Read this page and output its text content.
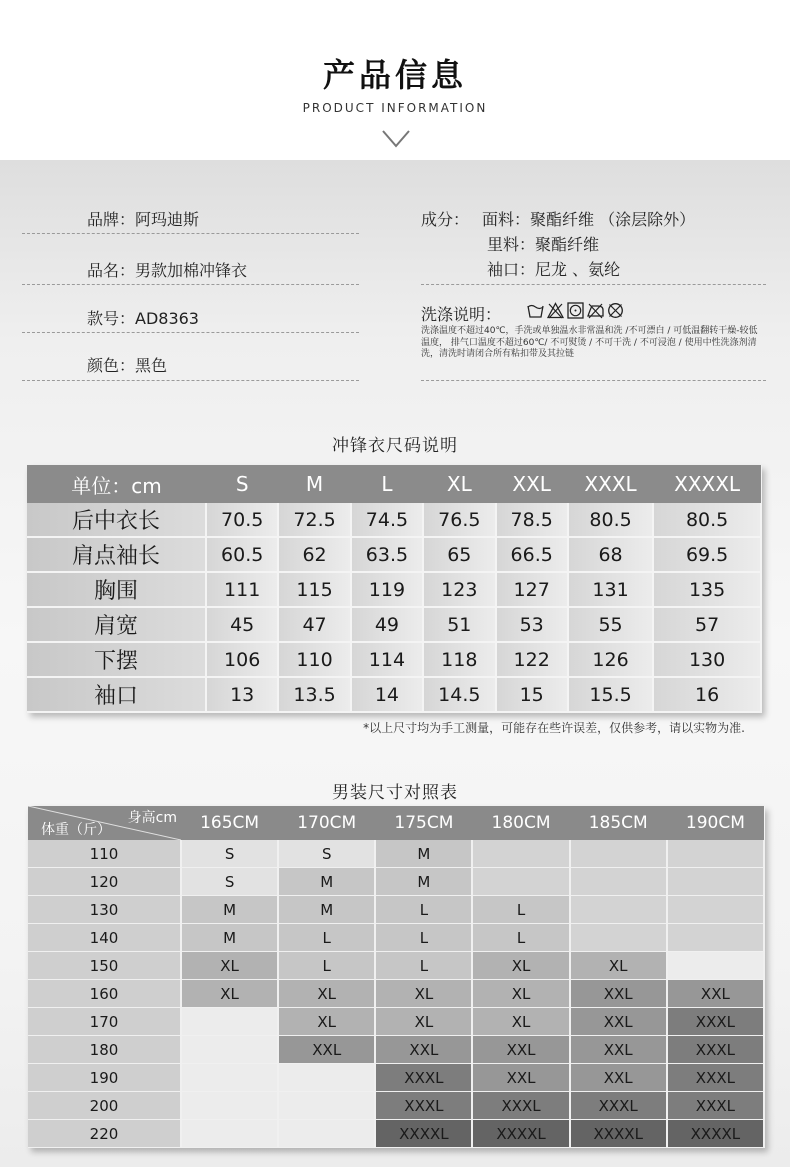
产品信息
PRODUCT INFORMATION
品牌：阿玛迪斯
品名：男款加棉冲锋衣
款号：AD8363
颜色：黑色
成分： 面料：聚酯纤维 （涂层除外）
里料：聚酯纤维
袖口：尼龙 、氨纶
洗涤说明：
洗涤温度不超过40℃，手洗或单独温水非常温和洗 /不可漂白 / 可低温翻转干燥-较低温度， 排气口温度不超过60℃/ 不可熨烫 / 不可干洗 / 不可浸泡 / 使用中性洗涤剂清洗，清洗时请闭合所有粘扣带及其拉链
冲锋衣尺码说明
单位：cm	S	M	L	XL	XXL	XXXL	XXXXL
后中衣长	70.5	72.5	74.5	76.5	78.5	80.5	80.5
肩点袖长	60.5	62	63.5	65	66.5	68	69.5
胸围	111	115	119	123	127	131	135
肩宽	45	47	49	51	53	55	57
下摆	106	110	114	118	122	126	130
袖口	13	13.5	14	14.5	15	15.5	16
*以上尺寸均为手工测量，可能存在些许误差，仅供参考，请以实物为准.
男装尺寸对照表
身高cm
体重（斤）	165CM	170CM	175CM	180CM	185CM	190CM
110	S	S	M			
120	S	M	M			
130	M	M	L	L		
140	M	L	L	L		
150	XL	L	L	XL	XL	
160	XL	XL	XL	XL	XXL	XXL
170		XL	XL	XL	XXL	XXXL
180		XXL	XXL	XXL	XXL	XXXL
190			XXXL	XXL	XXL	XXXL
200			XXXL	XXXL	XXXL	XXXL
220			XXXXL	XXXXL	XXXXL	XXXXL
